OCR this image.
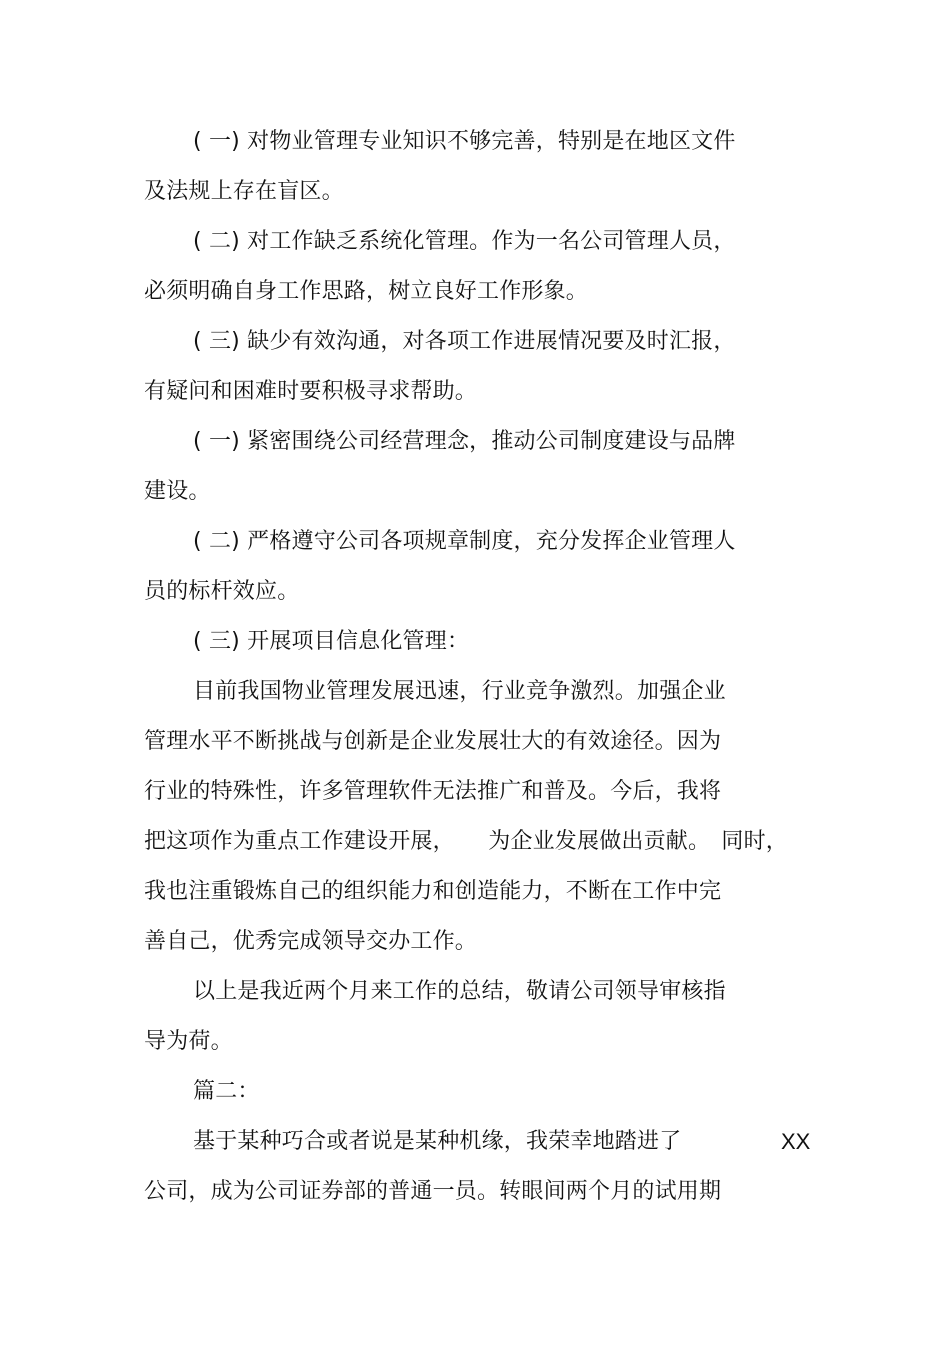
( 一) 对物业管理专业知识不够完善，特别是在地区文件
及法规上存在盲区。
( 二) 对工作缺乏系统化管理。作为一名公司管理人员，
必须明确自身工作思路，树立良好工作形象。
( 三) 缺少有效沟通，对各项工作进展情况要及时汇报，
有疑问和困难时要积极寻求帮助。
( 一) 紧密围绕公司经营理念，推动公司制度建设与品牌
建设。
( 二) 严格遵守公司各项规章制度，充分发挥企业管理人
员的标杆效应。
( 三) 开展项目信息化管理：
目前我国物业管理发展迅速，行业竞争激烈。加强企业
管理水平不断挑战与创新是企业发展壮大的有效途径。因为
行业的特殊性，许多管理软件无法推广和普及。今后，我将
把这项作为重点工作建设开展，　　为企业发展做出贡献。　同时，
我也注重锻炼自己的组织能力和创造能力，不断在工作中完
善自己，优秀完成领导交办工作。
以上是我近两个月来工作的总结，敬请公司领导审核指
导为荷。
篇二：
基于某种巧合或者说是某种机缘，我荣幸地踏进了	XX
公司，成为公司证券部的普通一员。转眼间两个月的试用期
